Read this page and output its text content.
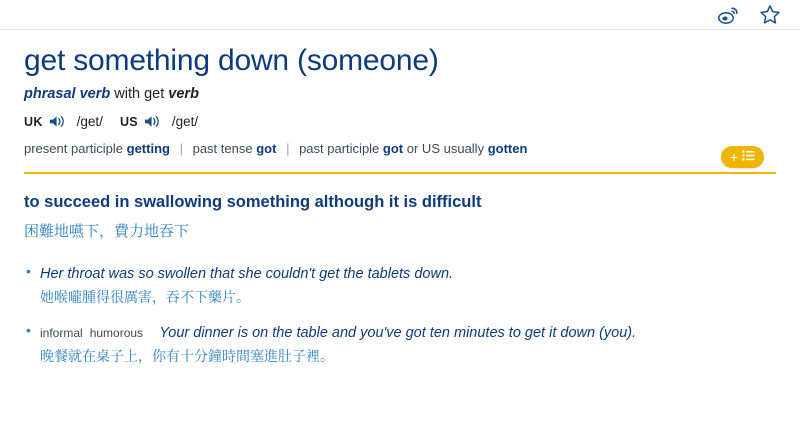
get something down (someone)
phrasal verb with get verb
UK	/ɡet/ US	/ɡet/
present participle getting | past tense got | past participle got or US usually gotten
+

to succeed in swallowing something although it is difficult

困難地嚥下，費力地吞下

• Her throat was so swollen that she couldn't get the tablets down.
她喉嚨腫得很厲害，吞不下藥片。
• informal humorous Your dinner is on the table and you've got ten minutes to get it down (you).
晚餐就在桌子上，你有十分鐘時間塞進肚子裡。
